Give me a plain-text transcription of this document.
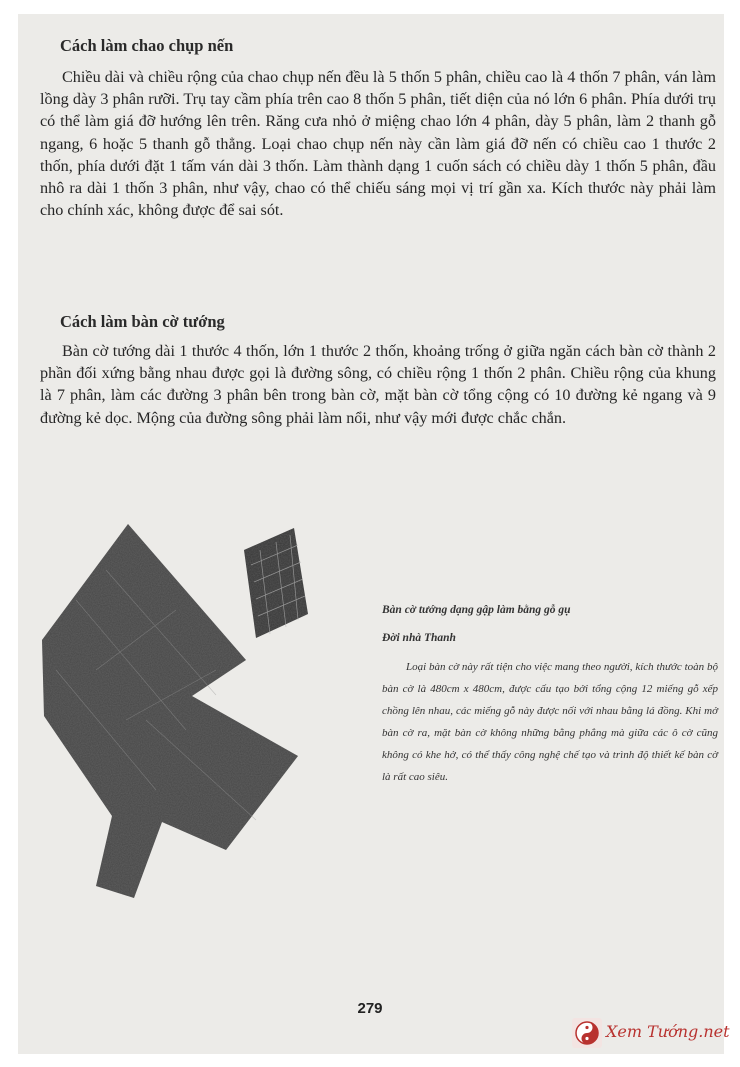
Cách làm chao chụp nến

Chiều dài và chiều rộng của chao chụp nến đều là 5 thốn 5 phân, chiều cao là 4 thốn 7 phân, ván làm lồng dày 3 phân rưỡi. Trụ tay cầm phía trên cao 8 thốn 5 phân, tiết diện của nó lớn 6 phân. Phía dưới trụ có thể làm giá đỡ hướng lên trên. Răng cưa nhỏ ở miệng chao lớn 4 phân, dày 5 phân, làm 2 thanh gỗ ngang, 6 hoặc 5 thanh gỗ thẳng. Loại chao chụp nến này cần làm giá đỡ nến có chiều cao 1 thước 2 thốn, phía dưới đặt 1 tấm ván dài 3 thốn. Làm thành dạng 1 cuốn sách có chiều dày 1 thốn 5 phân, đầu nhô ra dài 1 thốn 3 phân, như vậy, chao có thể chiếu sáng mọi vị trí gần xa. Kích thước này phải làm cho chính xác, không được để sai sót.

Cách làm bàn cờ tướng

Bàn cờ tướng dài 1 thước 4 thốn, lớn 1 thước 2 thốn, khoảng trống ở giữa ngăn cách bàn cờ thành 2 phần đối xứng bằng nhau được gọi là đường sông, có chiều rộng 1 thốn 2 phân. Chiều rộng của khung là 7 phân, làm các đường 3 phân bên trong bàn cờ, mặt bàn cờ tổng cộng có 10 đường kẻ ngang và 9 đường kẻ dọc. Mộng của đường sông phải làm nổi, như vậy mới được chắc chắn.

Bàn cờ tướng dạng gập làm bằng gỗ gụ
Đời nhà Thanh
Loại bàn cờ này rất tiện cho việc mang theo người, kích thước toàn bộ bàn cờ là 480cm x 480cm, được cấu tạo bởi tổng cộng 12 miếng gỗ xếp chồng lên nhau, các miếng gỗ này được nối với nhau bằng lá đồng. Khi mở bàn cờ ra, mặt bàn cờ không những bằng phẳng mà giữa các ô cờ cũng không có khe hở, có thể thấy công nghệ chế tạo và trình độ thiết kế bàn cờ là rất cao siêu.
279
Xem Tướng.net
